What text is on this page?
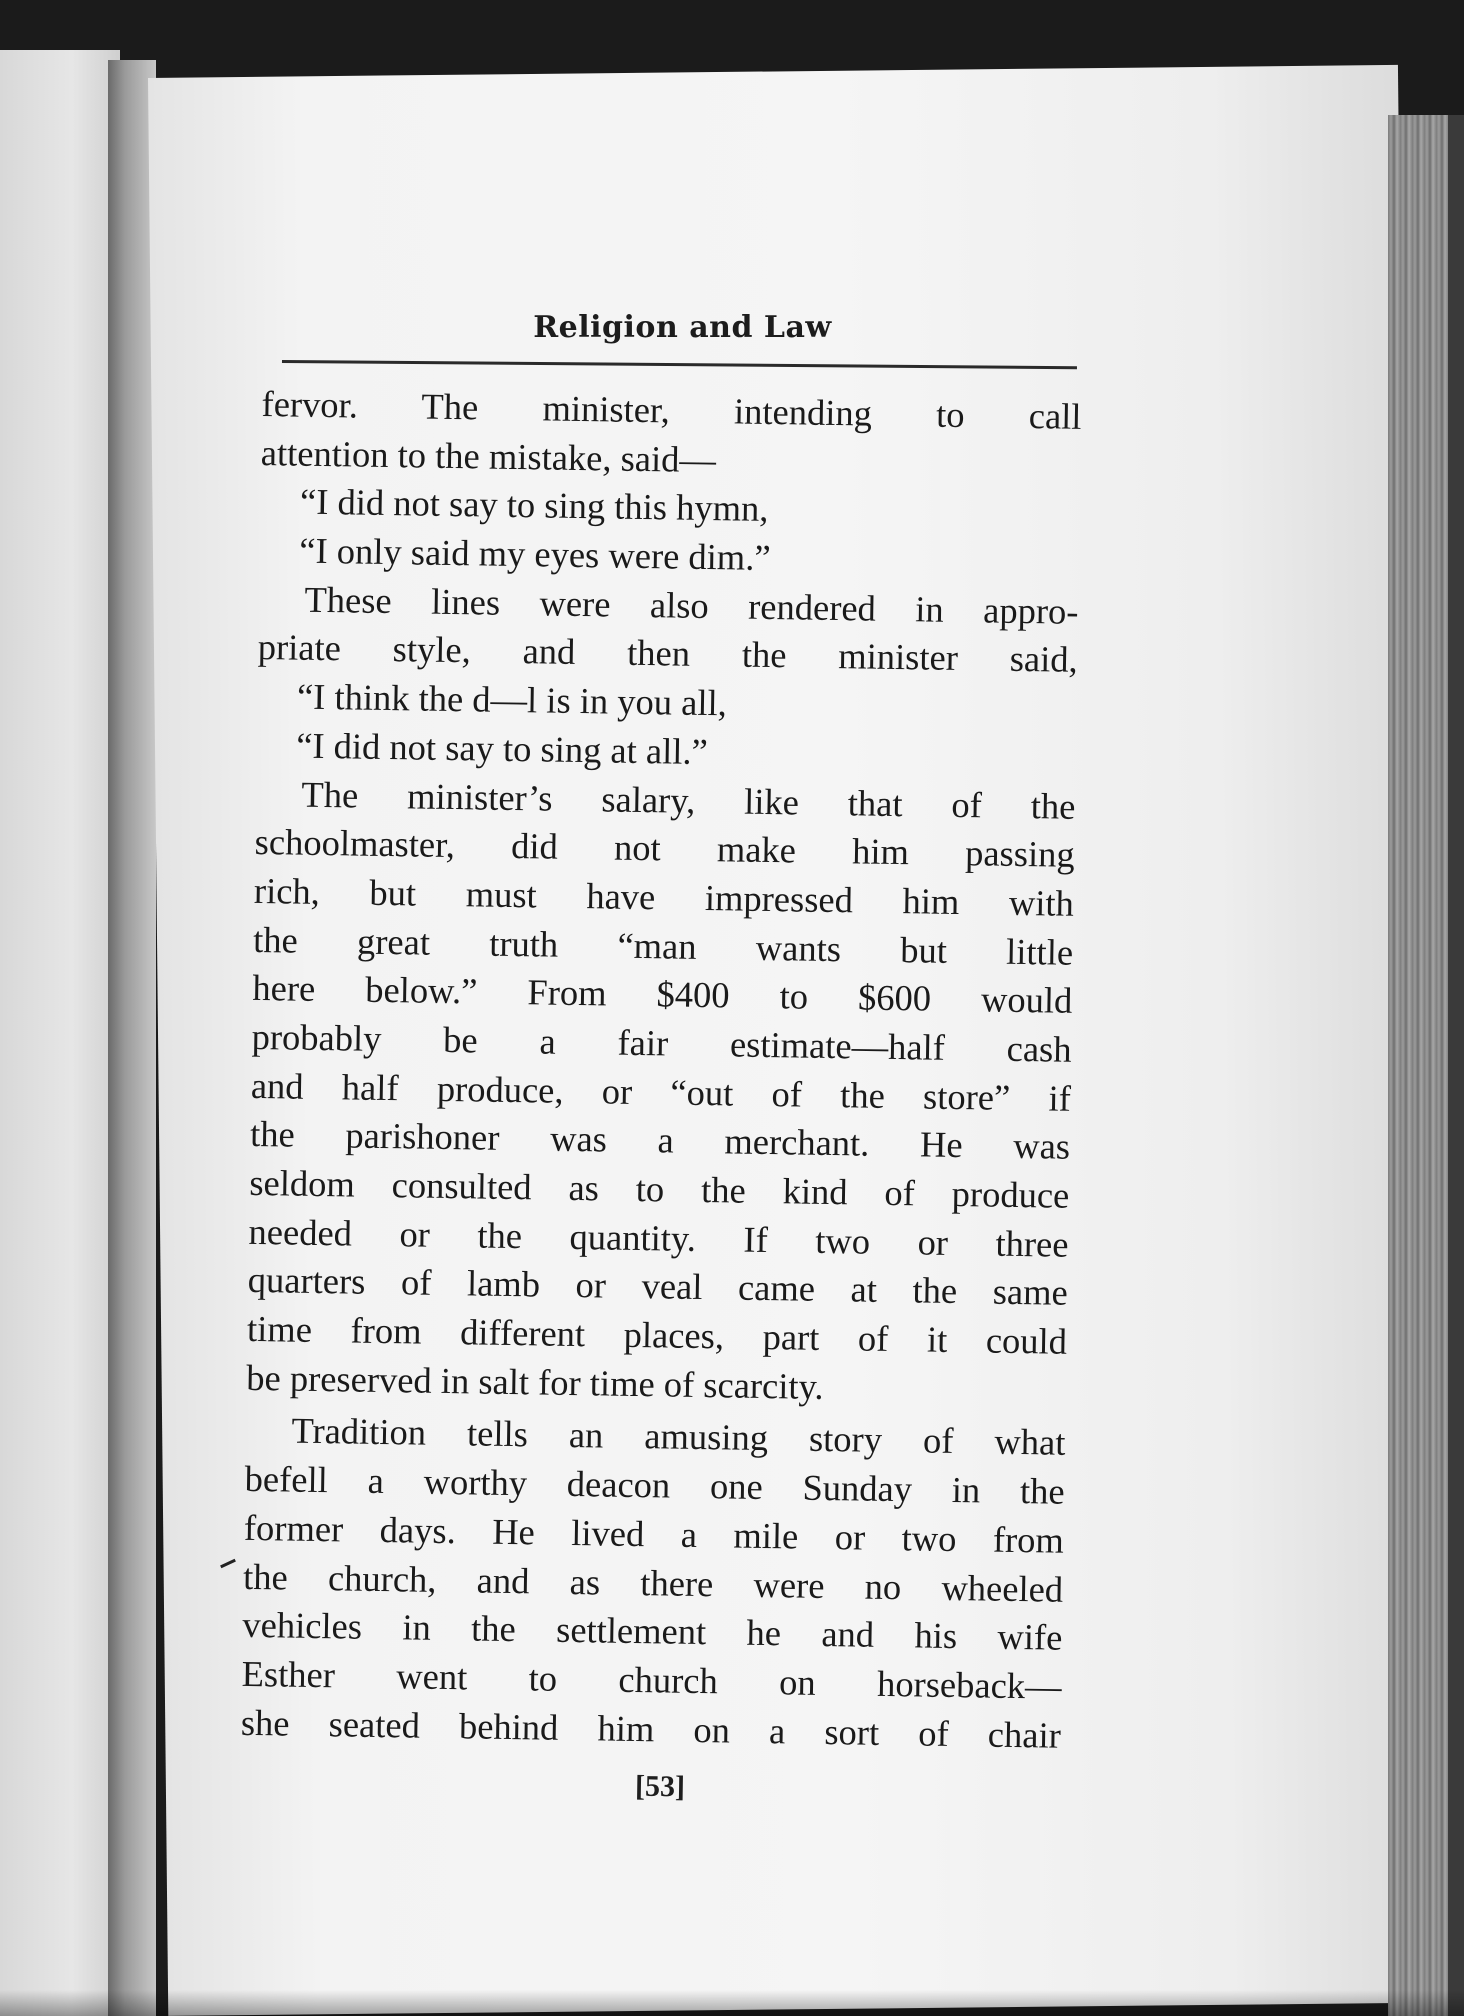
Religion and Law
fervor. The minister, intending to call
attention to the mistake, said—
“I did not say to sing this hymn,
“I only said my eyes were dim.”
These lines were also rendered in appro-
priate style, and then the minister said,
“I think the d—l is in you all,
“I did not say to sing at all.”
The minister’s salary, like that of the
schoolmaster, did not make him passing
rich, but must have impressed him with
the great truth “man wants but little
here below.” From $400 to $600 would
probably be a fair estimate—half cash
and half produce, or “out of the store” if
the parishoner was a merchant. He was
seldom consulted as to the kind of produce
needed or the quantity. If two or three
quarters of lamb or veal came at the same
time from different places, part of it could
be preserved in salt for time of scarcity.
Tradition tells an amusing story of what
befell a worthy deacon one Sunday in the
former days. He lived a mile or two from
the church, and as there were no wheeled
vehicles in the settlement he and his wife
Esther went to church on horseback—
she seated behind him on a sort of chair
[53]
